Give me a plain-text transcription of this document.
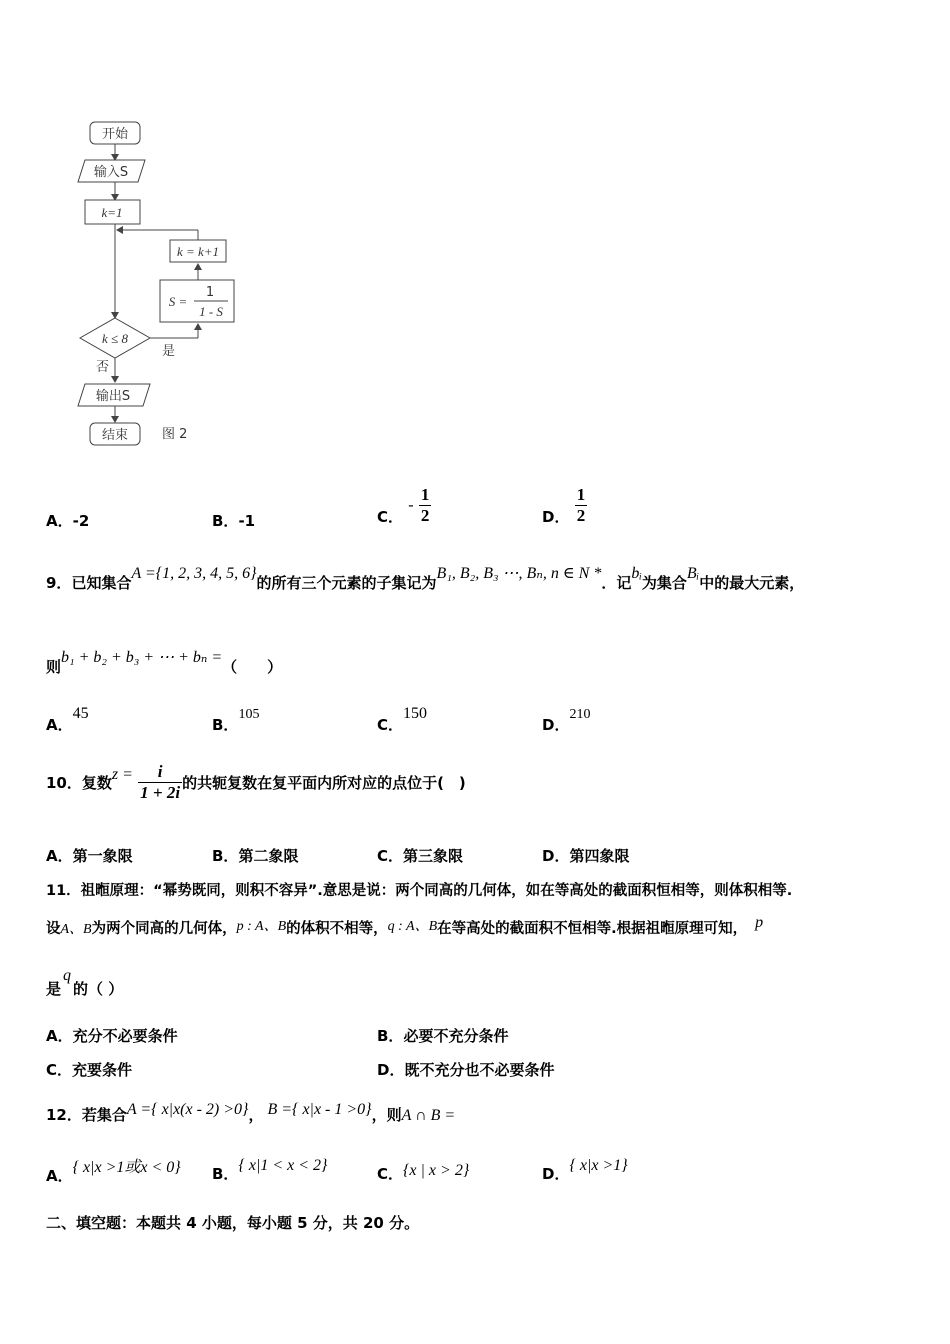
开始
输入S
k=1
k = k+1
S =
1
1 - S
k ≤ 8
是
否
输出S
结束	图 2
A．-2	B．-1	C． - $\frac{1}{2}$	D． $\frac{1}{2}$
9．已知集合A ={1, 2, 3, 4, 5, 6}的所有三个元素的子集记为B₁, B₂, B₃ ⋯, Bₙ, n ∈ N *．记bᵢ为集合Bᵢ中的最大元素，
则b₁ + b₂ + b₃ + ⋯ + bₙ =（　　）
A．45
B．105
C．150
D．210
10．复数$z = \frac{i}{1 + 2i}$ 的共轭复数在复平面内所对应的点位于(　)
A．第一象限	B．第二象限	C．第三象限	D．第四象限
11．祖暅原理：“幂势既同，则积不容异”.意思是说：两个同高的几何体，如在等高处的截面积恒相等，则体积相等.
设A、B为两个同高的几何体，p : A、B的体积不相等，q : A、B在等高处的截面积不恒相等.根据祖暅原理可知， p
是q的（ ）
A．充分不必要条件	B．必要不充分条件
C．充要条件	D．既不充分也不必要条件
12．若集合A ={ x|x(x - 2) >0}， B ={ x|x - 1 >0}，则A ∩ B =
A．{ x|x >1或x < 0} B．{ x|1 < x < 2}	C．{x | x > 2}	D．{ x|x >1}
二、填空题：本题共 4 小题，每小题 5 分，共 20 分。
